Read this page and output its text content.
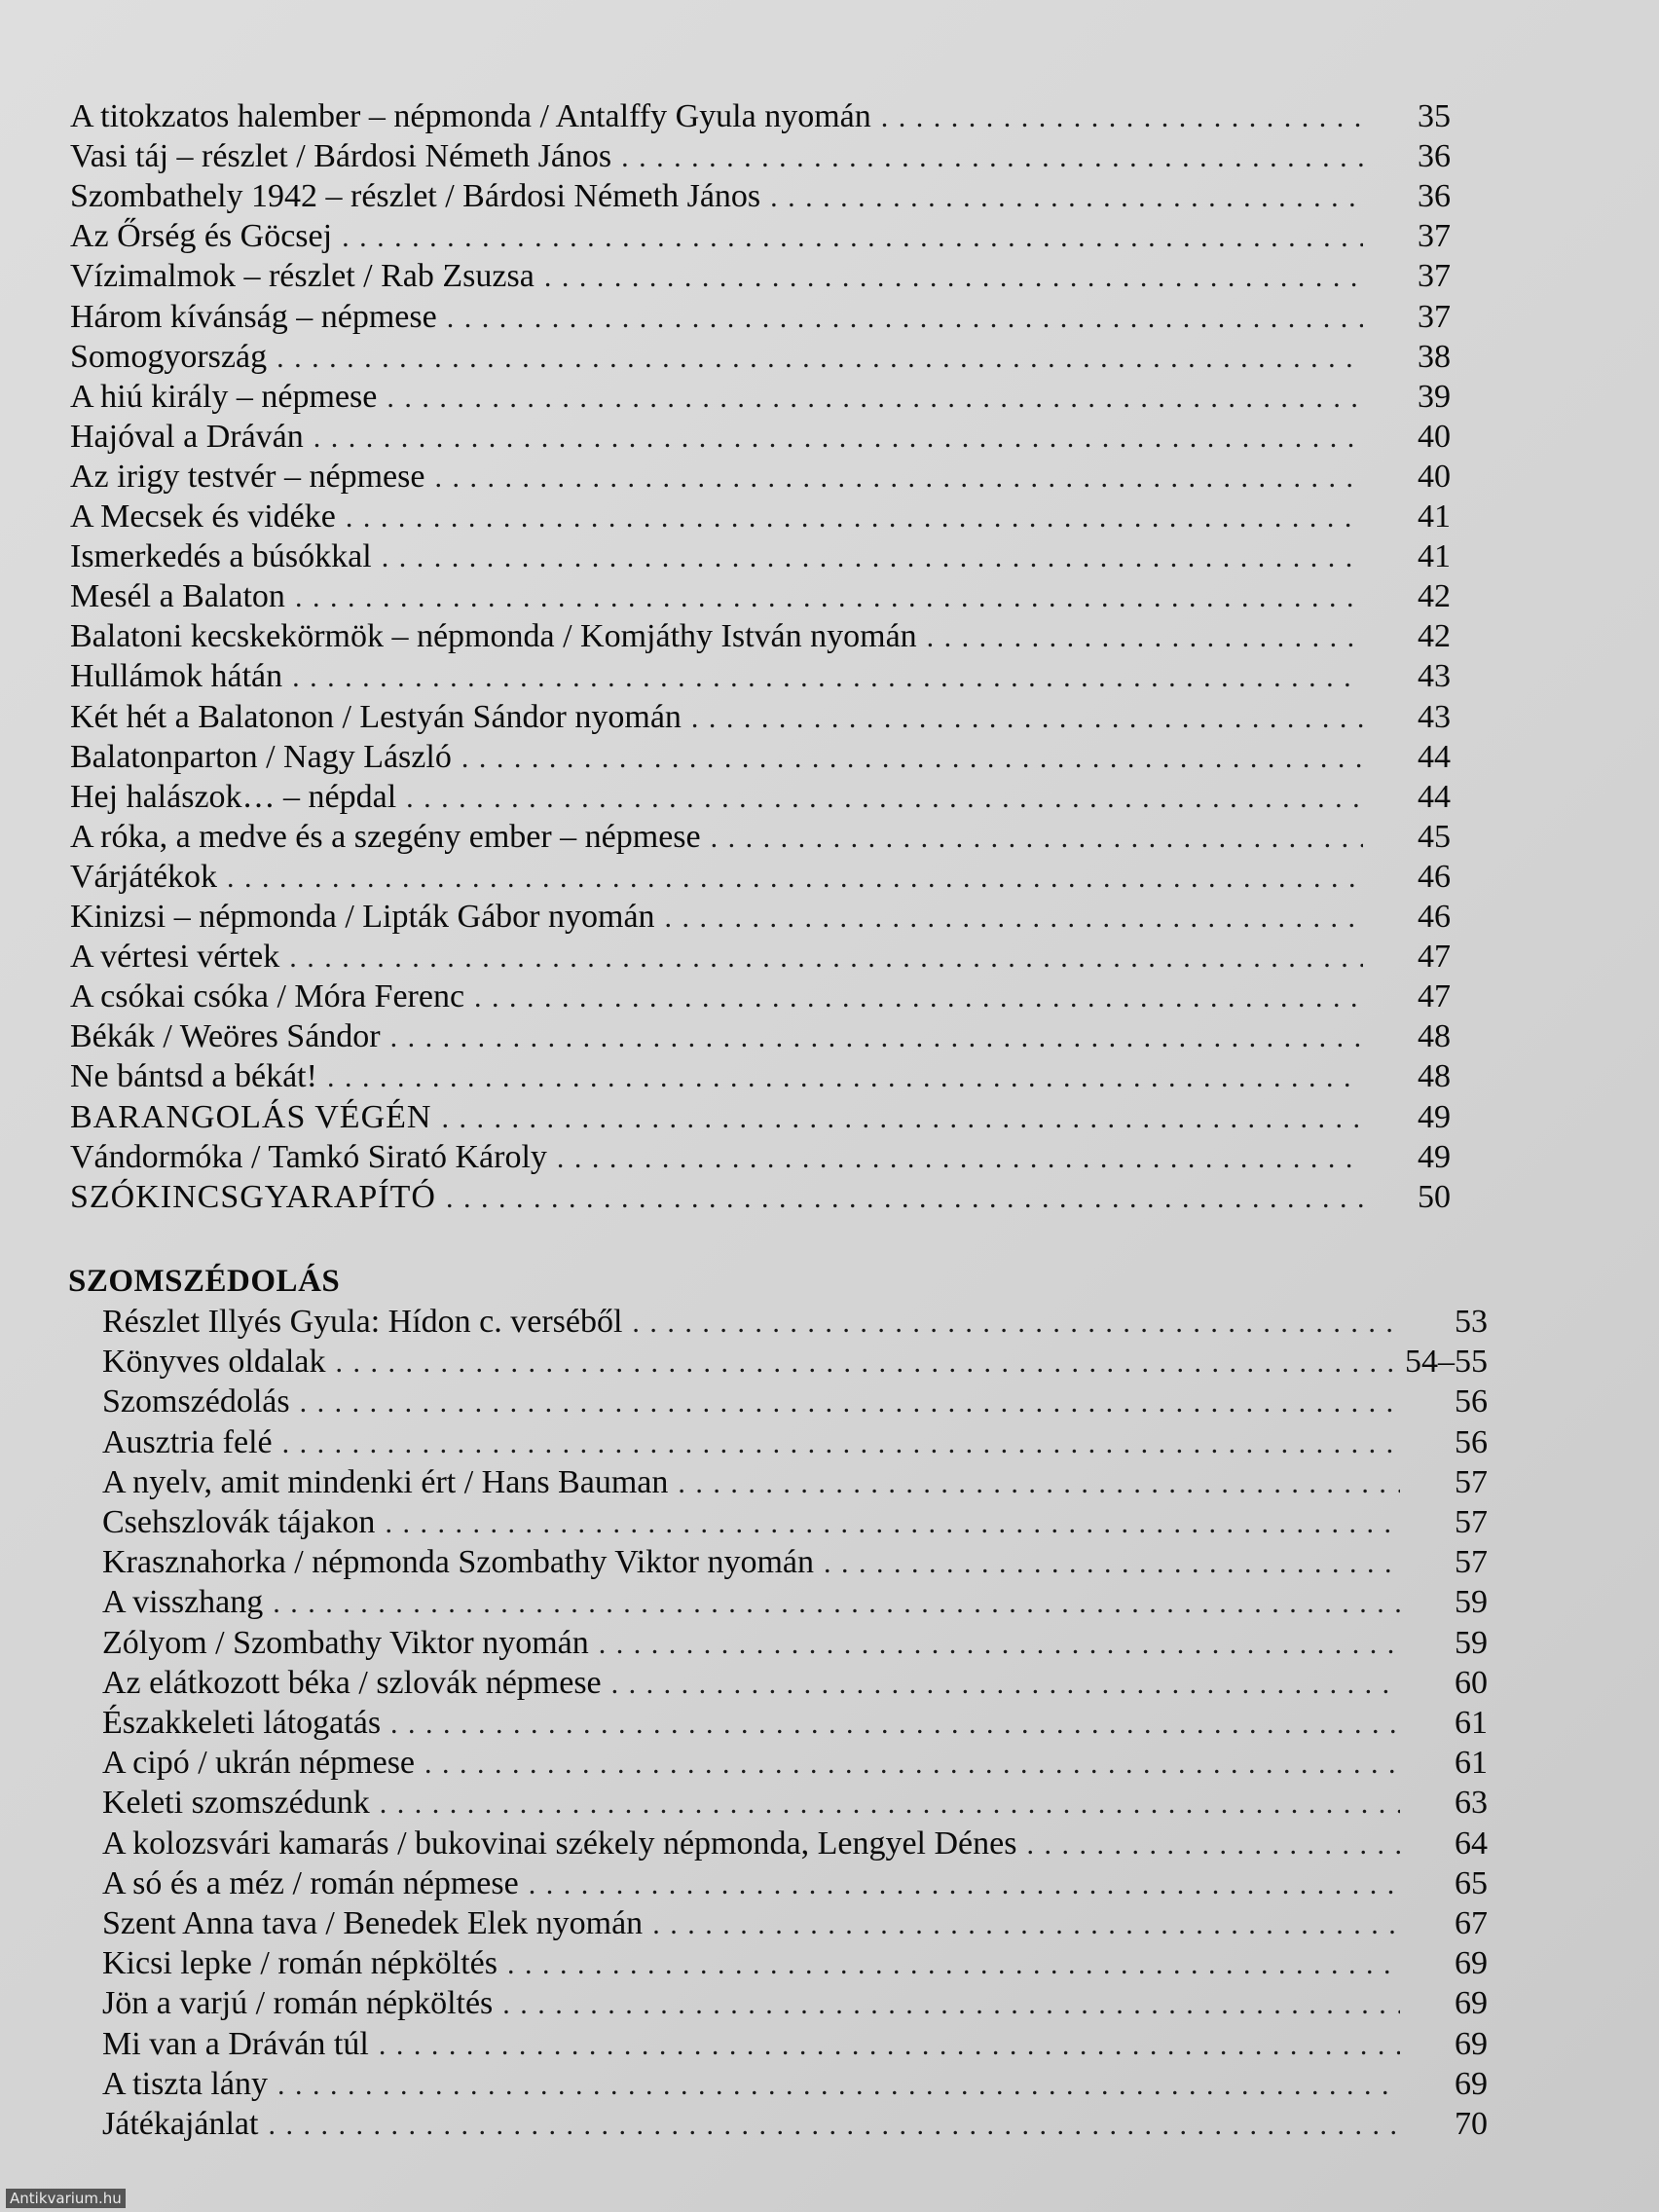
A titokzatos halember – népmonda / Antalffy Gyula nyomán . . .	35
Vasi táj – részlet / Bárdosi Németh János . . .	36
Szombathely 1942 – részlet / Bárdosi Németh János . . .	36
Az Őrség és Göcsej . . .	37
Vízimalmok – részlet / Rab Zsuzsa . . .	37
Három kívánság – népmese . . .	37
Somogyország . . .	38
A hiú király – népmese . . .	39
Hajóval a Dráván . . .	40
Az irigy testvér – népmese . . .	40
A Mecsek és vidéke . . .	41
Ismerkedés a búsókkal . . .	41
Mesél a Balaton . . .	42
Balatoni kecskekörmök – népmonda / Komjáthy István nyomán . . .	42
Hullámok hátán . . .	43
Két hét a Balatonon / Lestyán Sándor nyomán . . .	43
Balatonparton / Nagy László . . .	44
Hej halászok… – népdal . . .	44
A róka, a medve és a szegény ember – népmese . . .	45
Várjátékok . . .	46
Kinizsi – népmonda / Lipták Gábor nyomán . . .	46
A vértesi vértek . . .	47
A csókai csóka / Móra Ferenc . . .	47
Békák / Weöres Sándor . . .	48
Ne bántsd a békát! . . .	48
BARANGOLÁS VÉGÉN . . .	49
Vándormóka / Tamkó Sirató Károly . . .	49
SZÓKINCSGYARAPÍTÓ . . .	50
Részlet Illyés Gyula: Hídon c. verséből . . .	53
Könyves oldalak . . .	54–55
Szomszédolás . . .	56
Ausztria felé . . .	56
A nyelv, amit mindenki ért / Hans Bauman . . .	57
Csehszlovák tájakon . . .	57
Krasznahorka / népmonda Szombathy Viktor nyomán . . .	57
A visszhang . . .	59
Zólyom / Szombathy Viktor nyomán . . .	59
Az elátkozott béka / szlovák népmese . . .	60
Északkeleti látogatás . . .	61
A cipó / ukrán népmese . . .	61
Keleti szomszédunk . . .	63
A kolozsvári kamarás / bukovinai székely népmonda, Lengyel Dénes . . .	64
A só és a méz / román népmese . . .	65
Szent Anna tava / Benedek Elek nyomán . . .	67
Kicsi lepke / román népköltés . . .	69
Jön a varjú / román népköltés . . .	69
Mi van a Dráván túl . . .	69
A tiszta lány . . .	69
Játékajánlat . . .	70
SZOMSZÉDOLÁS
Antikvarium.hu
